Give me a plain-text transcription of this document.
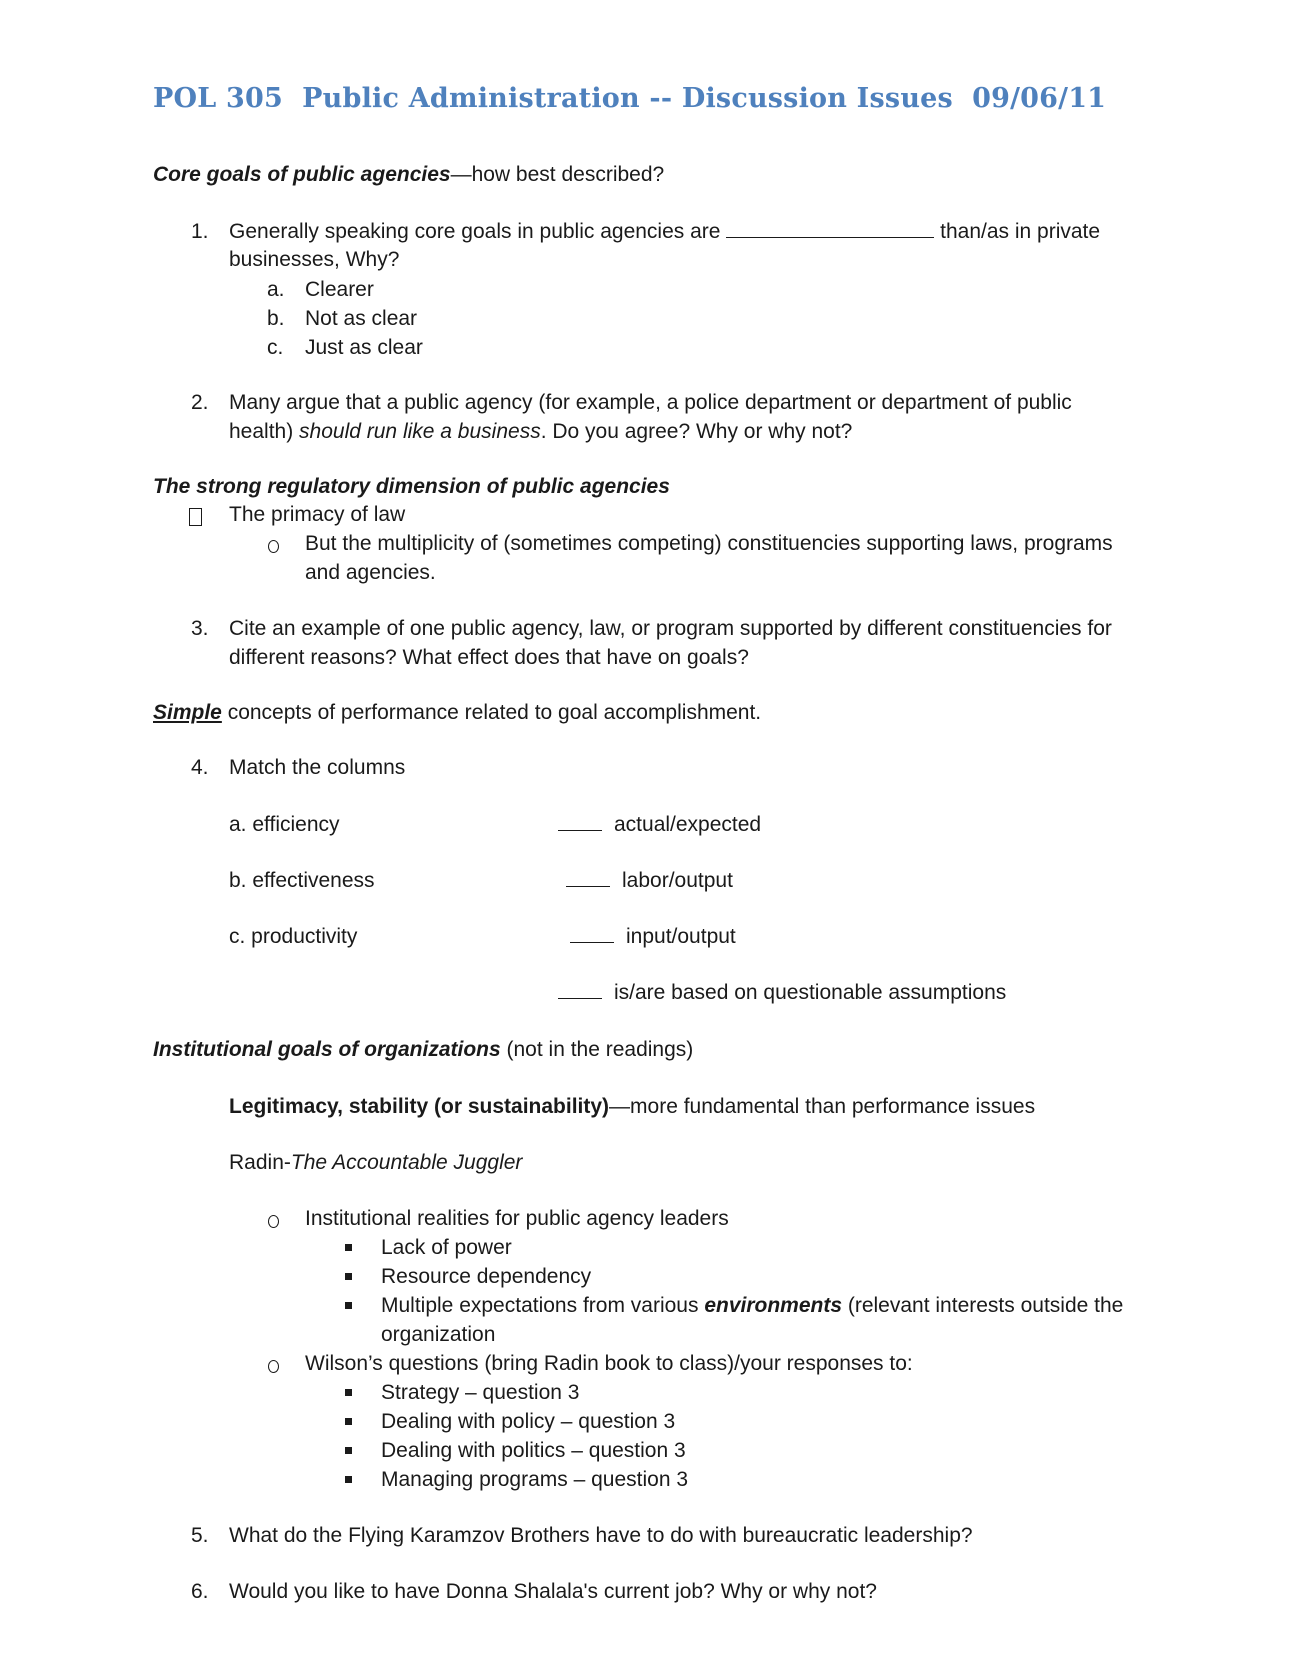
POL 305  Public Administration -- Discussion Issues  09/06/11

Core goals of public agencies—how best described?

1. Generally speaking core goals in public agencies are	than/as in private

businesses, Why?

a. Clearer
b. Not as clear
c. Just as clear
2. Many argue that a public agency (for example, a police department or department of public

health) should run like a business. Do you agree? Why or why not?

The strong regulatory dimension of public agencies

The primacy of law

But the multiplicity of (sometimes competing) constituencies supporting laws, programs

and agencies.

3. Cite an example of one public agency, law, or program supported by different constituencies for

different reasons? What effect does that have on goals?

Simple concepts of performance related to goal accomplishment.

4. Match the columns

a. efficiency
b. effectiveness
c. productivity
actual/expected
labor/output
input/output
is/are based on questionable assumptions

Institutional goals of organizations (not in the readings)

Legitimacy, stability (or sustainability)—more fundamental than performance issues

Radin-The Accountable Juggler

Institutional realities for public agency leaders

Lack of power

Resource dependency

Multiple expectations from various environments (relevant interests outside the

organization

Wilson’s questions (bring Radin book to class)/your responses to:

Strategy – question 3

Dealing with policy – question 3

Dealing with politics – question 3

Managing programs – question 3

5. What do the Flying Karamzov Brothers have to do with bureaucratic leadership?

6. Would you like to have Donna Shalala's current job? Why or why not?
